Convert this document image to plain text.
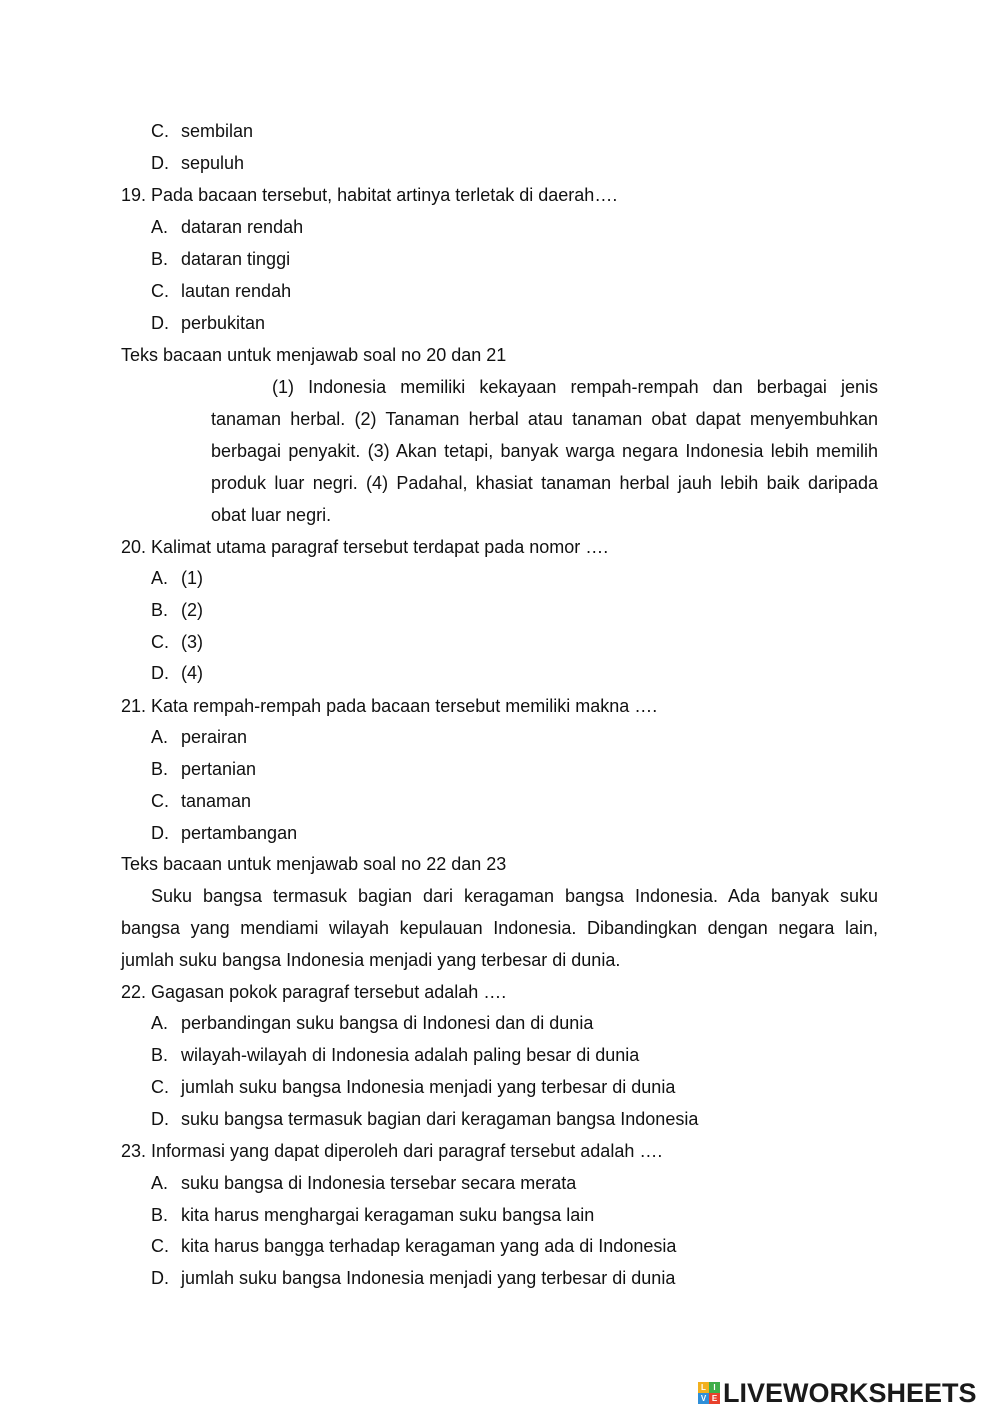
C. sembilan
D. sepuluh
19. Pada bacaan tersebut, habitat artinya terletak di daerah….
A. dataran rendah
B. dataran tinggi
C. lautan rendah
D. perbukitan
Teks bacaan untuk menjawab soal no 20 dan 21
(1) Indonesia memiliki kekayaan rempah-rempah dan berbagai jenis
tanaman herbal. (2) Tanaman herbal atau tanaman obat dapat menyembuhkan
berbagai penyakit. (3) Akan tetapi, banyak warga negara Indonesia lebih memilih
produk luar negri. (4) Padahal, khasiat tanaman herbal jauh lebih baik daripada
obat luar negri.
20. Kalimat utama paragraf tersebut terdapat pada nomor ….
A. (1)
B. (2)
C. (3)
D. (4)
21. Kata rempah-rempah pada bacaan tersebut memiliki makna ….
A. perairan
B. pertanian
C. tanaman
D. pertambangan
Teks bacaan untuk menjawab soal no 22 dan 23
Suku bangsa termasuk bagian dari keragaman bangsa Indonesia. Ada banyak suku
bangsa yang mendiami wilayah kepulauan Indonesia. Dibandingkan dengan negara lain,
jumlah suku bangsa Indonesia menjadi yang terbesar di dunia.
22. Gagasan pokok paragraf tersebut adalah ….
A. perbandingan suku bangsa di Indonesi dan di dunia
B. wilayah-wilayah di Indonesia adalah paling besar di dunia
C. jumlah suku bangsa Indonesia menjadi yang terbesar di dunia
D. suku bangsa termasuk bagian dari keragaman bangsa Indonesia
23. Informasi yang dapat diperoleh dari paragraf tersebut adalah ….
A. suku bangsa di Indonesia tersebar secara merata
B. kita harus menghargai keragaman suku bangsa lain
C. kita harus bangga terhadap keragaman yang ada di Indonesia
D. jumlah suku bangsa Indonesia menjadi yang terbesar di dunia
L I
V E LIVEWORKSHEETS
